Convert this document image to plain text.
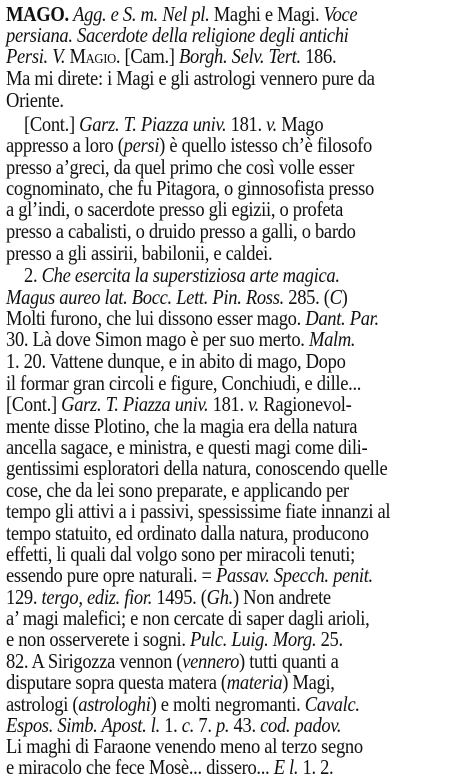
MAGO. Agg. e S. m. Nel pl. Maghi e Magi. Voce
persiana. Sacerdote della religione degli antichi
Persi. V. Magio. [Cam.] Borgh. Selv. Tert. 186.
Ma mi direte: i Magi e gli astrologi vennero pure da
Oriente.
[Cont.] Garz. T. Piazza univ. 181. v. Mago
appresso a loro (persi) è quello istesso ch’è filosofo
presso a’greci, da quel primo che così volle esser
cognominato, che fu Pitagora, o ginnosofista presso
a gl’indi, o sacerdote presso gli egizii, o profeta
presso a cabalisti, o druido presso a galli, o bardo
presso a gli assirii, babilonii, e caldei.
2. Che esercita la superstiziosa arte magica.
Magus aureo lat. Bocc. Lett. Pin. Ross. 285. (C)
Molti furono, che lui dissono esser mago. Dant. Par.
30. Là dove Simon mago è per suo merto. Malm.
1. 20. Vattene dunque, e in abito di mago, Dopo
il formar gran circoli e figure, Conchiudi, e dille...
[Cont.] Garz. T. Piazza univ. 181. v. Ragionevol-
mente disse Plotino, che la magia era della natura
ancella sagace, e ministra, e questi magi come dili-
gentissimi esploratori della natura, conoscendo quelle
cose, che da lei sono preparate, e applicando per
tempo gli attivi a i passivi, spessissime fiate innanzi al
tempo statuito, ed ordinato dalla natura, producono
effetti, li quali dal volgo sono per miracoli tenuti;
essendo pure opre naturali. = Passav. Specch. penit.
129. tergo, ediz. fior. 1495. (Gh.) Non andrete
a’ magi malefici; e non cercate di saper dagli arioli,
e non osserverete i sogni. Pulc. Luig. Morg. 25.
82. A Sirigozza vennon (vennero) tutti quanti a
disputare sopra questa matera (materia) Magi,
astrologi (astrologhi) e molti negromanti. Cavalc.
Espos. Simb. Apost. l. 1. c. 7. p. 43. cod. padov.
Li maghi di Faraone venendo meno al terzo segno
e miracolo che fece Mosè... dissero... E l. 1. 2.
